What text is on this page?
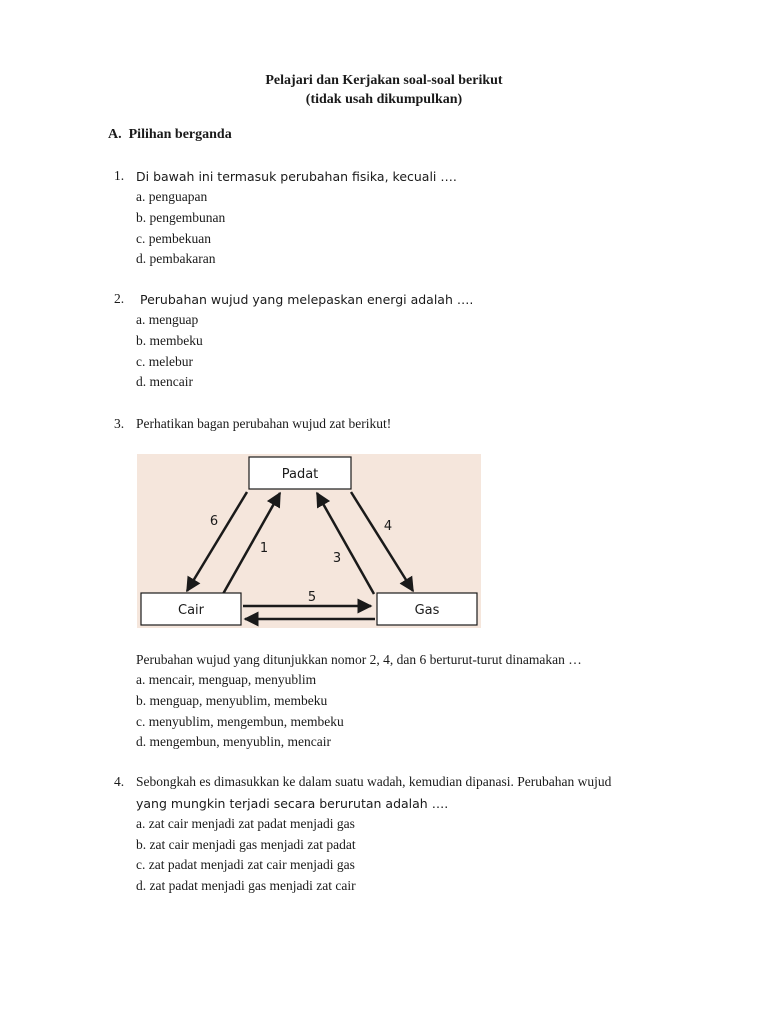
Pelajari dan Kerjakan soal-soal berikut
(tidak usah dikumpulkan)
A. Pilihan berganda
1. Di bawah ini termasuk perubahan fisika, kecuali ….
a. penguapan
b. pengembunan
c. pembekuan
d. pembakaran
2. Perubahan wujud yang melepaskan energi adalah ….
a. menguap
b. membeku
c. melebur
d. mencair
3. Perhatikan bagan perubahan wujud zat berikut!
Padat
Cair	Gas
6
1
3
4
5
Perubahan wujud yang ditunjukkan nomor 2, 4, dan 6 berturut-turut dinamakan …
a. mencair, menguap, menyublim
b. menguap, menyublim, membeku
c. menyublim, mengembun, membeku
d. mengembun, menyublin, mencair
4. Sebongkah es dimasukkan ke dalam suatu wadah, kemudian dipanasi. Perubahan wujud
yang mungkin terjadi secara berurutan adalah ….
a. zat cair menjadi zat padat menjadi gas
b. zat cair menjadi gas menjadi zat padat
c. zat padat menjadi zat cair menjadi gas
d. zat padat menjadi gas menjadi zat cair
